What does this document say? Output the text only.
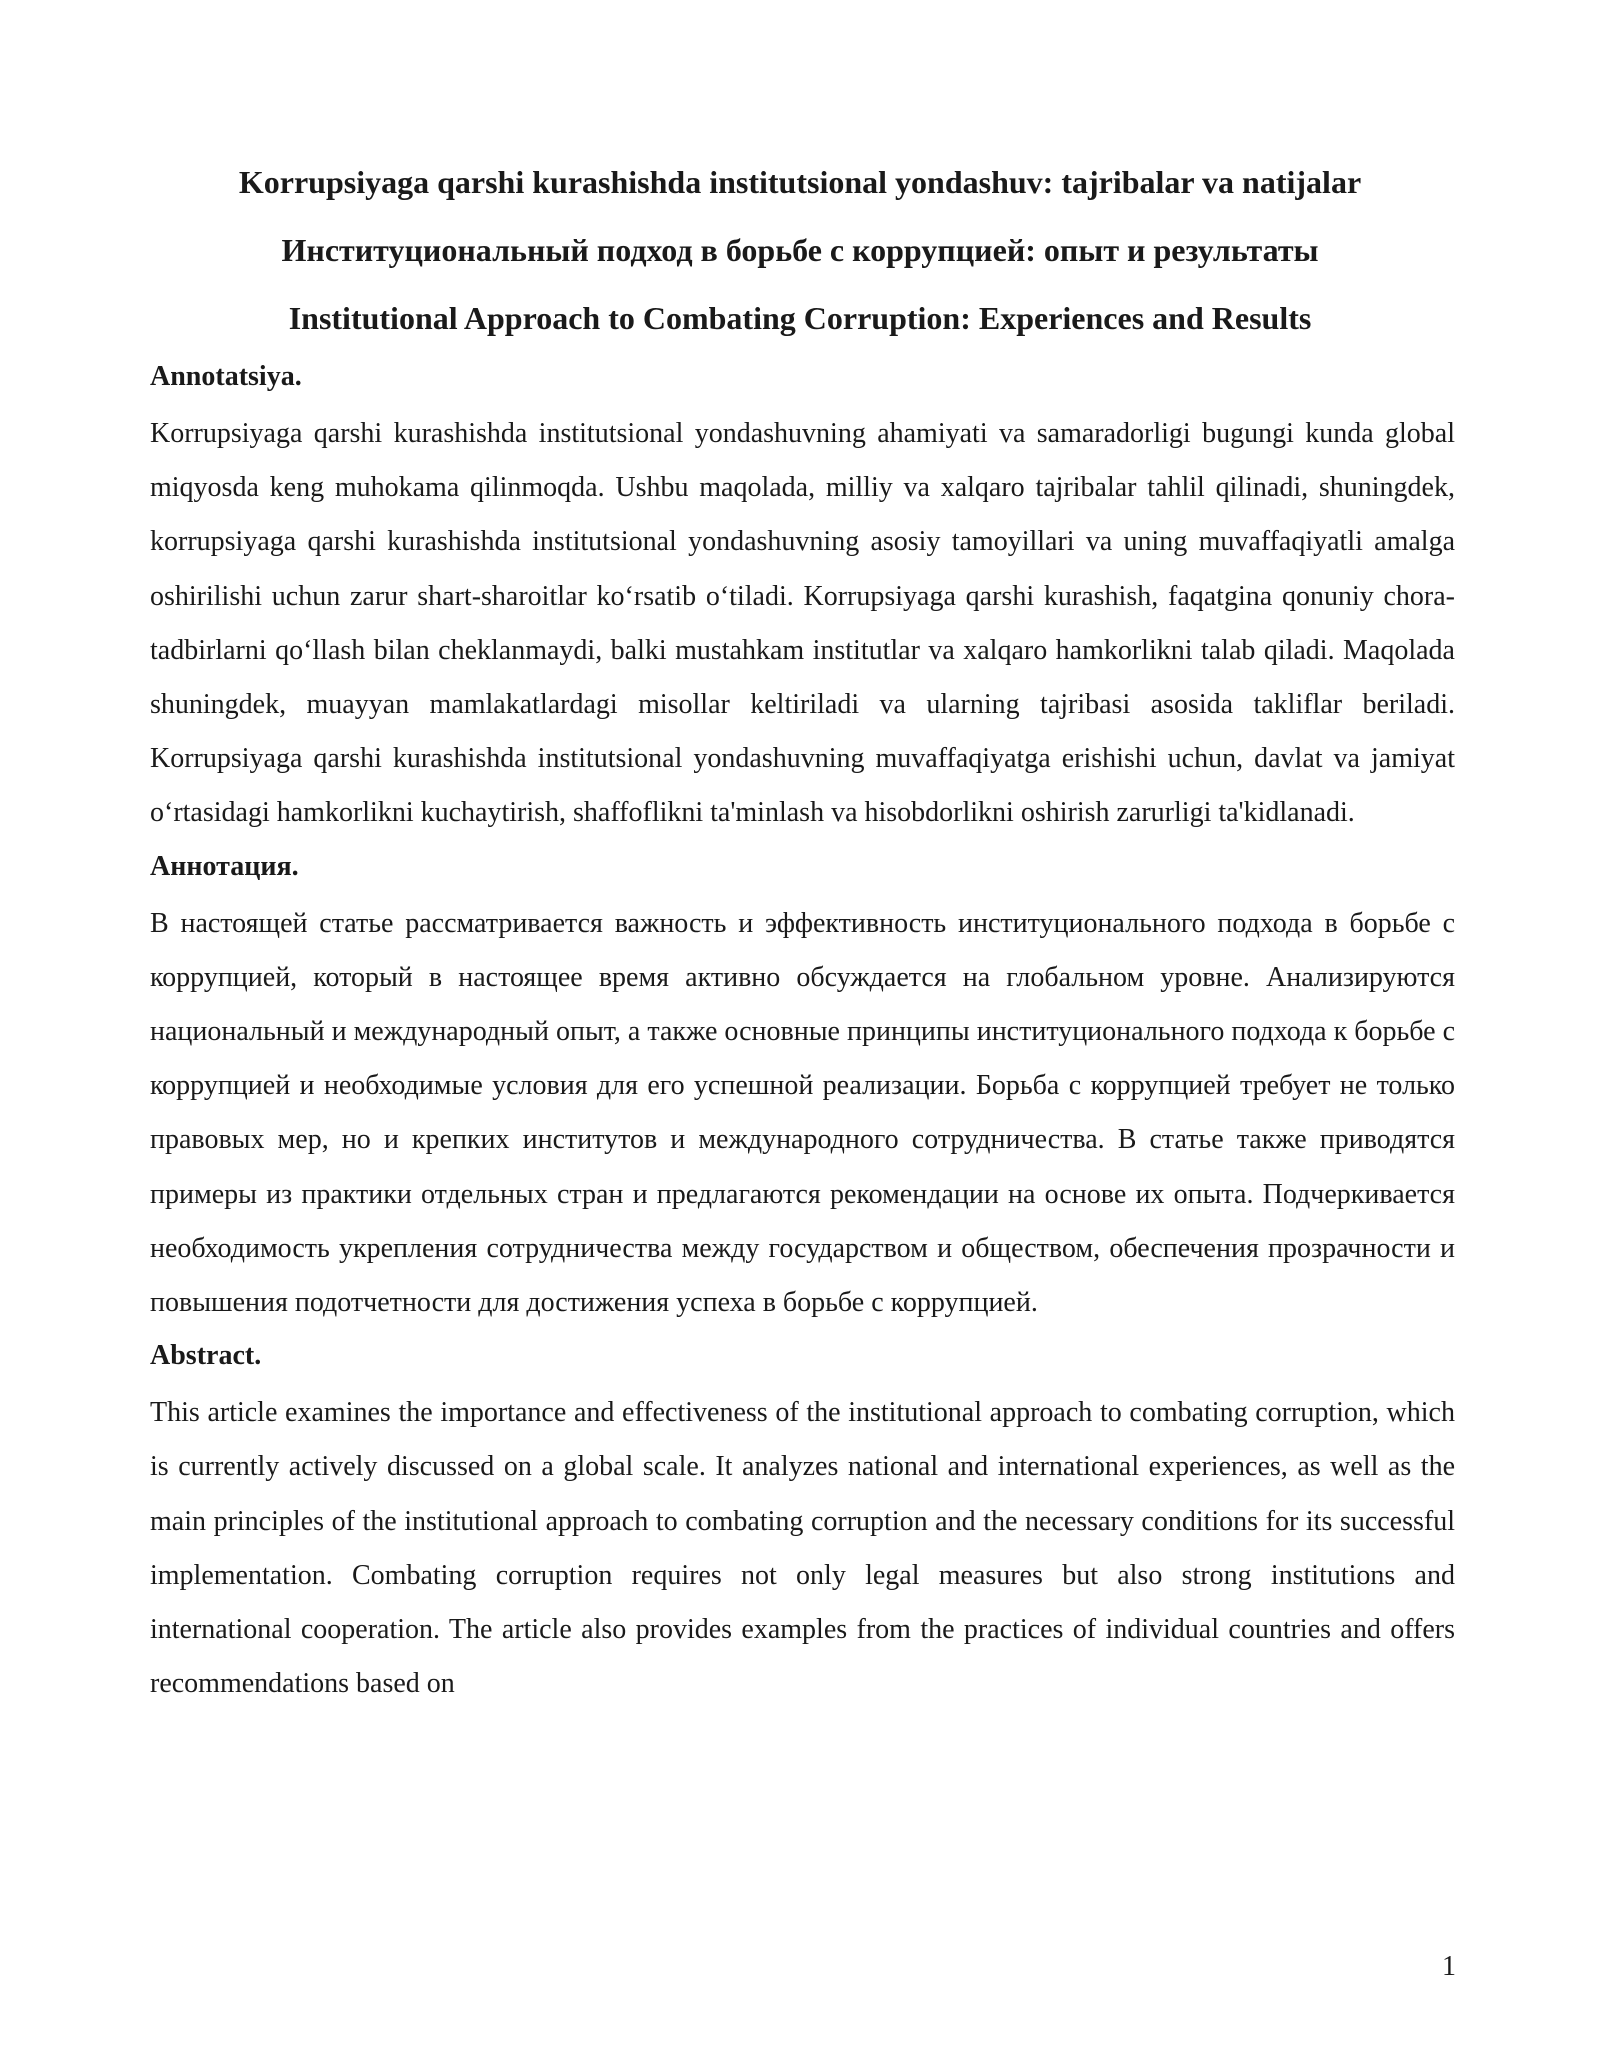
Korrupsiyaga qarshi kurashishda institutsional yondashuv: tajribalar va natijalar

Институциональный подход в борьбе с коррупцией: опыт и результаты

Institutional Approach to Combating Corruption: Experiences and Results

Annotatsiya.

Korrupsiyaga qarshi kurashishda institutsional yondashuvning ahamiyati va samaradorligi bugungi kunda global miqyosda keng muhokama qilinmoqda. Ushbu maqolada, milliy va xalqaro tajribalar tahlil qilinadi, shuningdek, korrupsiyaga qarshi kurashishda institutsional yondashuvning asosiy tamoyillari va uning muvaffaqiyatli amalga oshirilishi uchun zarur shart-sharoitlar koʻrsatib oʻtiladi. Korrupsiyaga qarshi kurashish, faqatgina qonuniy chora-tadbirlarni qoʻllash bilan cheklanmaydi, balki mustahkam institutlar va xalqaro hamkorlikni talab qiladi. Maqolada shuningdek, muayyan mamlakatlardagi misollar keltiriladi va ularning tajribasi asosida takliflar beriladi. Korrupsiyaga qarshi kurashishda institutsional yondashuvning muvaffaqiyatga erishishi uchun, davlat va jamiyat oʻrtasidagi hamkorlikni kuchaytirish, shaffoflikni ta'minlash va hisobdorlikni oshirish zarurligi ta'kidlanadi.

Аннотация.

В настоящей статье рассматривается важность и эффективность институционального подхода в борьбе с коррупцией, который в настоящее время активно обсуждается на глобальном уровне. Анализируются национальный и международный опыт, а также основные принципы институционального подхода к борьбе с коррупцией и необходимые условия для его успешной реализации. Борьба с коррупцией требует не только правовых мер, но и крепких институтов и международного сотрудничества. В статье также приводятся примеры из практики отдельных стран и предлагаются рекомендации на основе их опыта. Подчеркивается необходимость укрепления сотрудничества между государством и обществом, обеспечения прозрачности и повышения подотчетности для достижения успеха в борьбе с коррупцией.

Abstract.

This article examines the importance and effectiveness of the institutional approach to combating corruption, which is currently actively discussed on a global scale. It analyzes national and international experiences, as well as the main principles of the institutional approach to combating corruption and the necessary conditions for its successful implementation. Combating corruption requires not only legal measures but also strong institutions and international cooperation. The article also provides examples from the practices of individual countries and offers recommendations based on

1
